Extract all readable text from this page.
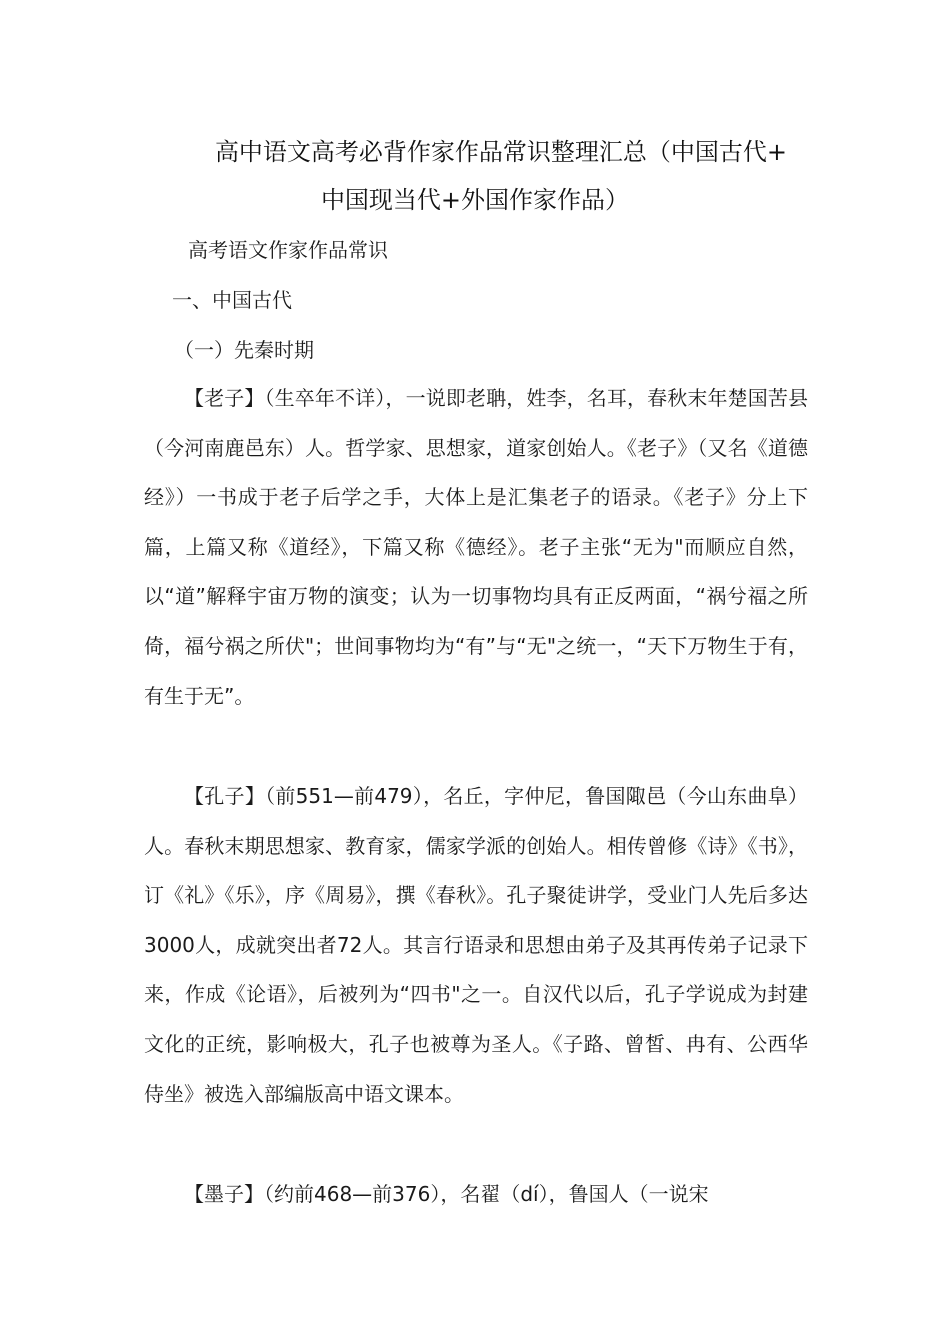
高中语文高考必背作家作品常识整理汇总（中国古代+
中国现当代+外国作家作品）
高考语文作家作品常识
一、中国古代
（一）先秦时期
【老子】（生卒年不详），一说即老聃，姓李，名耳，春秋末年楚国苦县（今河南鹿邑东）人。哲学家、思想家，道家创始人。《老子》（又名《道德经》）一书成于老子后学之手，大体上是汇集老子的语录。《老子》分上下篇，上篇又称《道经》，下篇又称《德经》。老子主张“无为"而顺应自然，以“道”解释宇宙万物的演变；认为一切事物均具有正反两面，“祸兮福之所倚，福兮祸之所伏"；世间事物均为“有”与“无"之统一，“天下万物生于有，有生于无”。
【孔子】（前551—前479），名丘，字仲尼，鲁国陬邑（今山东曲阜）人。春秋末期思想家、教育家，儒家学派的创始人。相传曾修《诗》《书》，订《礼》《乐》，序《周易》，撰《春秋》。孔子聚徒讲学，受业门人先后多达3000人，成就突出者72人。其言行语录和思想由弟子及其再传弟子记录下来，作成《论语》，后被列为“四书"之一。自汉代以后，孔子学说成为封建文化的正统，影响极大，孔子也被尊为圣人。《子路、曾皙、冉有、公西华侍坐》被选入部编版高中语文课本。
【墨子】（约前468—前376），名翟（dí），鲁国人（一说宋
